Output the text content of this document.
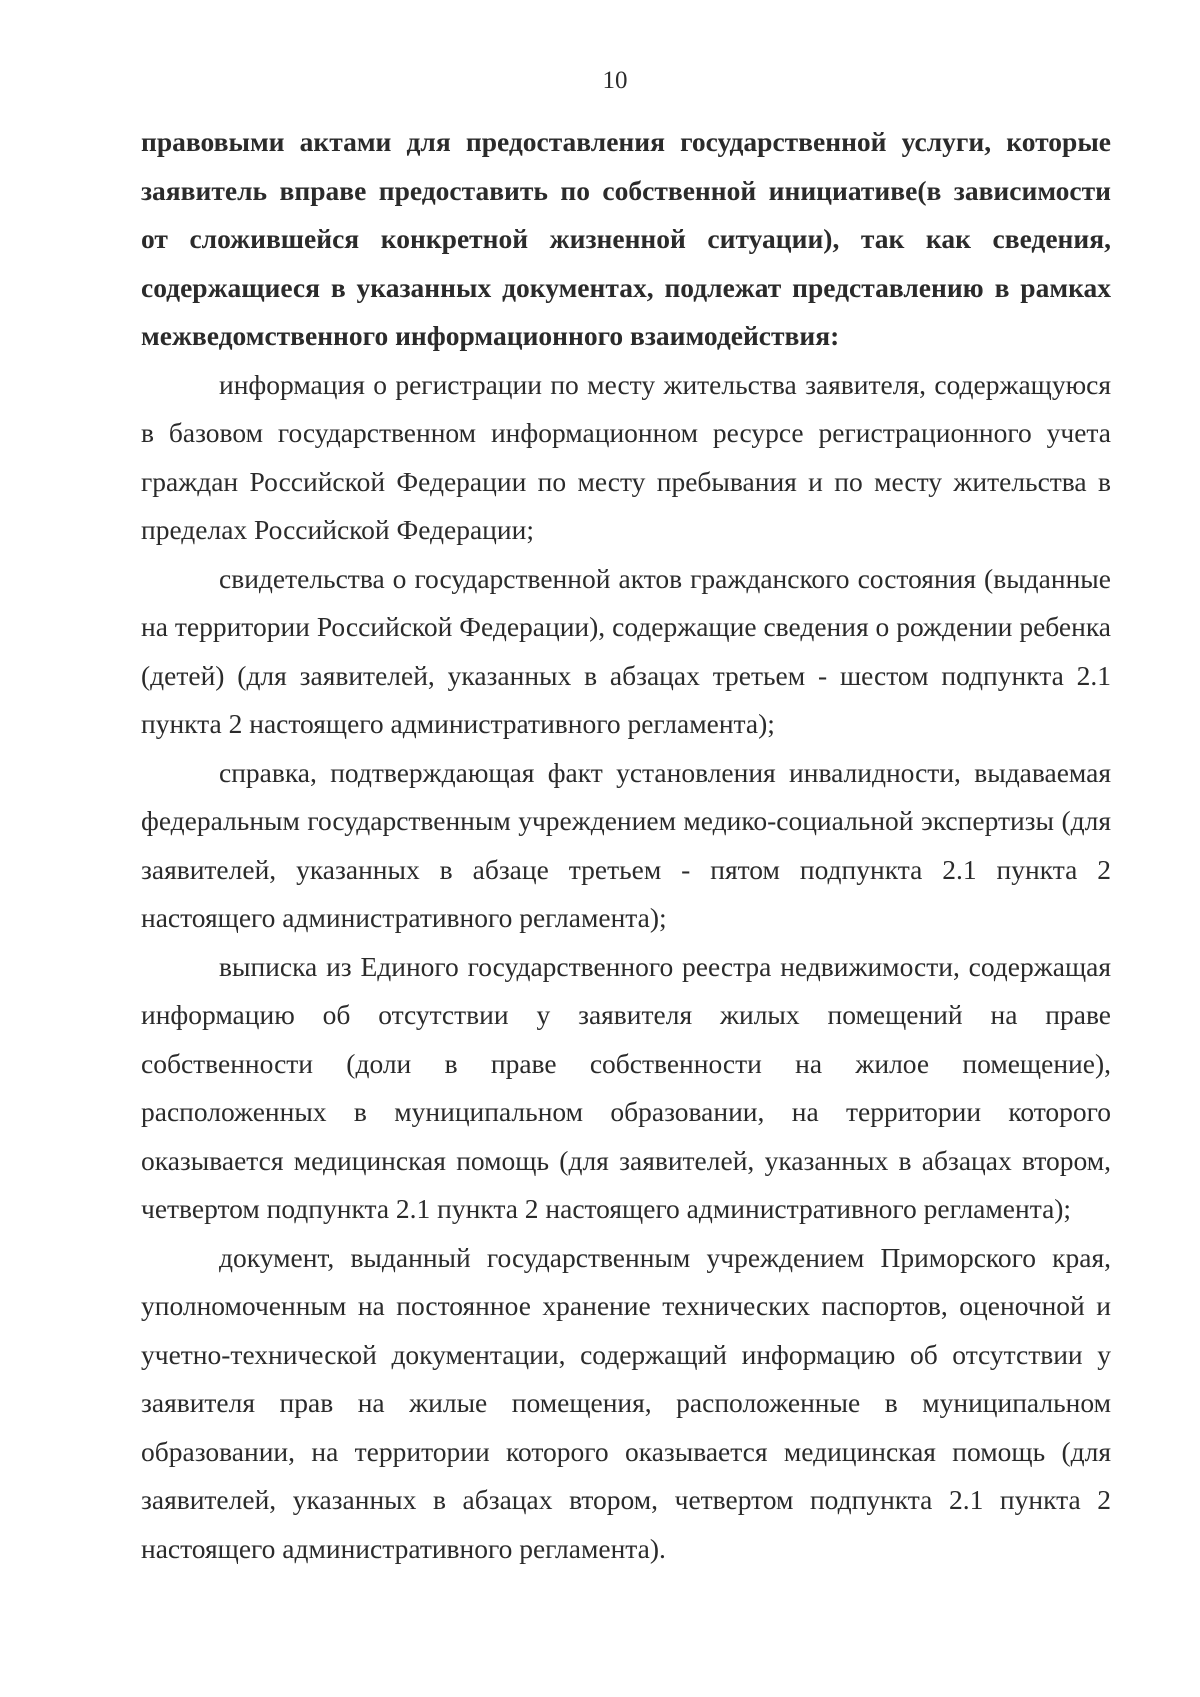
10

правовыми актами для предоставления государственной услуги, которые заявитель вправе предоставить по собственной инициативе(в зависимости от сложившейся конкретной жизненной ситуации), так как сведения, содержащиеся в указанных документах, подлежат представлению в рамках межведомственного информационного взаимодействия:

информация о регистрации по месту жительства заявителя, содержащуюся в базовом государственном информационном ресурсе регистрационного учета граждан Российской Федерации по месту пребывания и по месту жительства в пределах Российской Федерации;

свидетельства о государственной актов гражданского состояния (выданные на территории Российской Федерации), содержащие сведения о рождении ребенка (детей) (для заявителей, указанных в абзацах третьем - шестом подпункта 2.1 пункта 2 настоящего административного регламента);

справка, подтверждающая факт установления инвалидности, выдаваемая федеральным государственным учреждением медико-социальной экспертизы (для заявителей, указанных в абзаце третьем - пятом подпункта 2.1 пункта 2 настоящего административного регламента);

выписка из Единого государственного реестра недвижимости, содержащая информацию об отсутствии у заявителя жилых помещений на праве собственности (доли в праве собственности на жилое помещение), расположенных в муниципальном образовании, на территории которого оказывается медицинская помощь (для заявителей, указанных в абзацах втором, четвертом подпункта 2.1 пункта 2 настоящего административного регламента);

документ, выданный государственным учреждением Приморского края, уполномоченным на постоянное хранение технических паспортов, оценочной и учетно-технической документации, содержащий информацию об отсутствии у заявителя прав на жилые помещения, расположенные в муниципальном образовании, на территории которого оказывается медицинская помощь (для заявителей, указанных в абзацах втором, четвертом подпункта 2.1 пункта 2 настоящего административного регламента).
